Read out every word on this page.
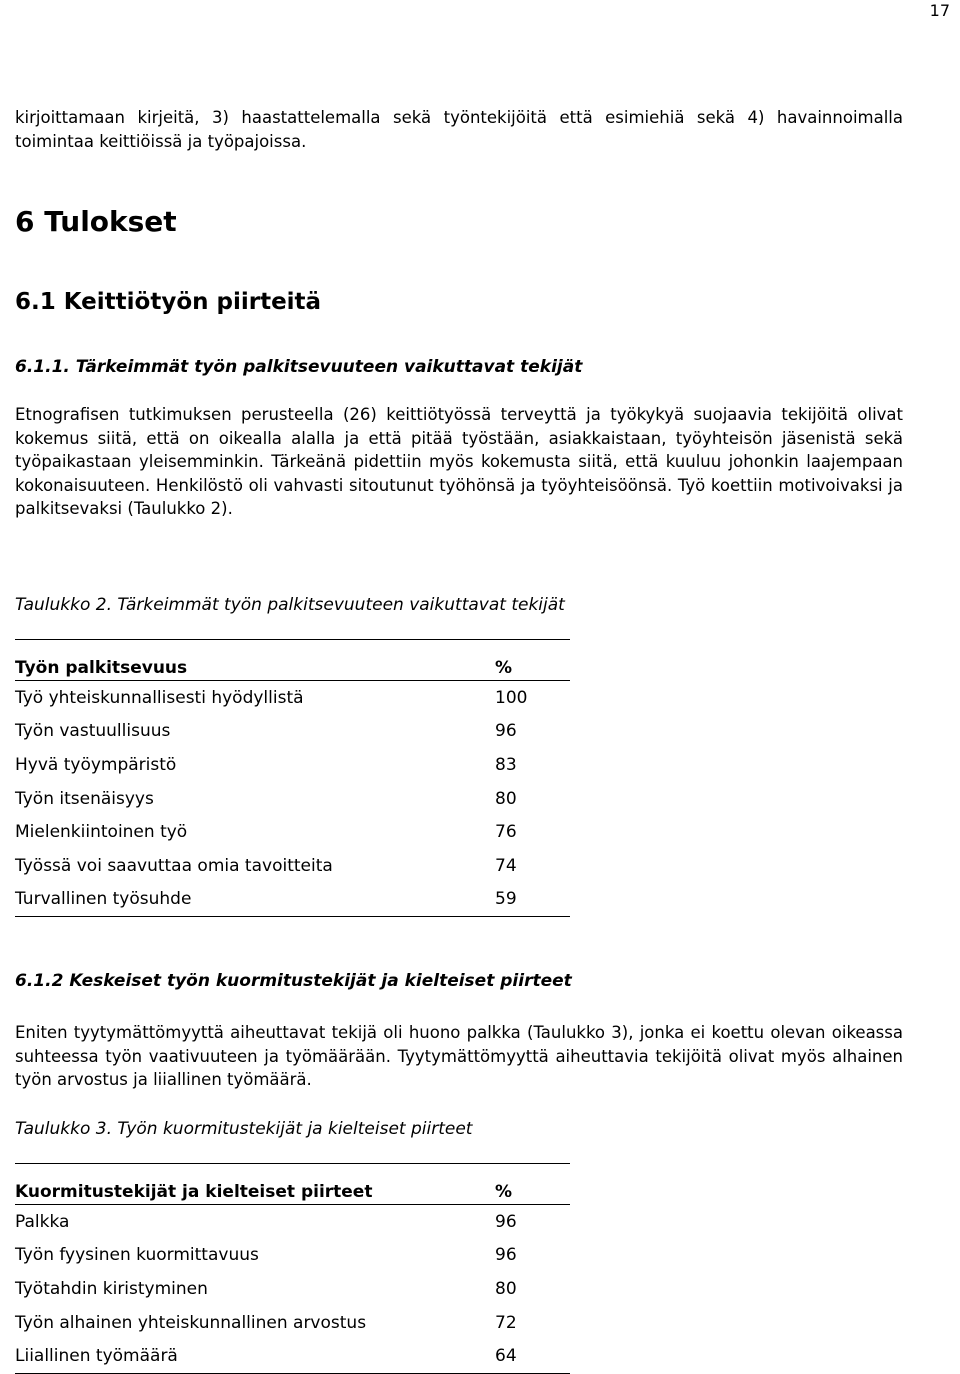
17

kirjoittamaan kirjeitä, 3) haastattelemalla sekä työntekijöitä että esimiehiä sekä 4) havainnoimalla toimintaa keittiöissä ja työpajoissa.

6 Tulokset
6.1 Keittiötyön piirteitä
6.1.1. Tärkeimmät työn palkitsevuuteen vaikuttavat tekijät

Etnografisen tutkimuksen perusteella (26) keittiötyössä terveyttä ja työkykyä suojaavia tekijöitä olivat kokemus siitä, että on oikealla alalla ja että pitää työstään, asiakkaistaan, työyhteisön jäsenistä sekä työpaikastaan yleisemminkin. Tärkeänä pidettiin myös kokemusta siitä, että kuuluu johonkin laajempaan kokonaisuuteen. Henkilöstö oli vahvasti sitoutunut työhönsä ja työyhteisöönsä. Työ koettiin motivoivaksi ja palkitsevaksi (Taulukko 2).

Taulukko 2. Tärkeimmät työn palkitsevuuteen vaikuttavat tekijät

Työn palkitsevuus	%
Työ yhteiskunnallisesti hyödyllistä	100
Työn vastuullisuus	96
Hyvä työympäristö	83
Työn itsenäisyys	80
Mielenkiintoinen työ	76
Työssä voi saavuttaa omia tavoitteita	74
Turvallinen työsuhde	59
6.1.2 Keskeiset työn kuormitustekijät ja kielteiset piirteet

Eniten tyytymättömyyttä aiheuttavat tekijä oli huono palkka (Taulukko 3), jonka ei koettu olevan oikeassa suhteessa työn vaativuuteen ja työmäärään. Tyytymättömyyttä aiheuttavia tekijöitä olivat myös alhainen työn arvostus ja liiallinen työmäärä.

Taulukko 3. Työn kuormitustekijät ja kielteiset piirteet

Kuormitustekijät ja kielteiset piirteet	%
Palkka	96
Työn fyysinen kuormittavuus	96
Työtahdin kiristyminen	80
Työn alhainen yhteiskunnallinen arvostus	72
Liiallinen työmäärä	64
